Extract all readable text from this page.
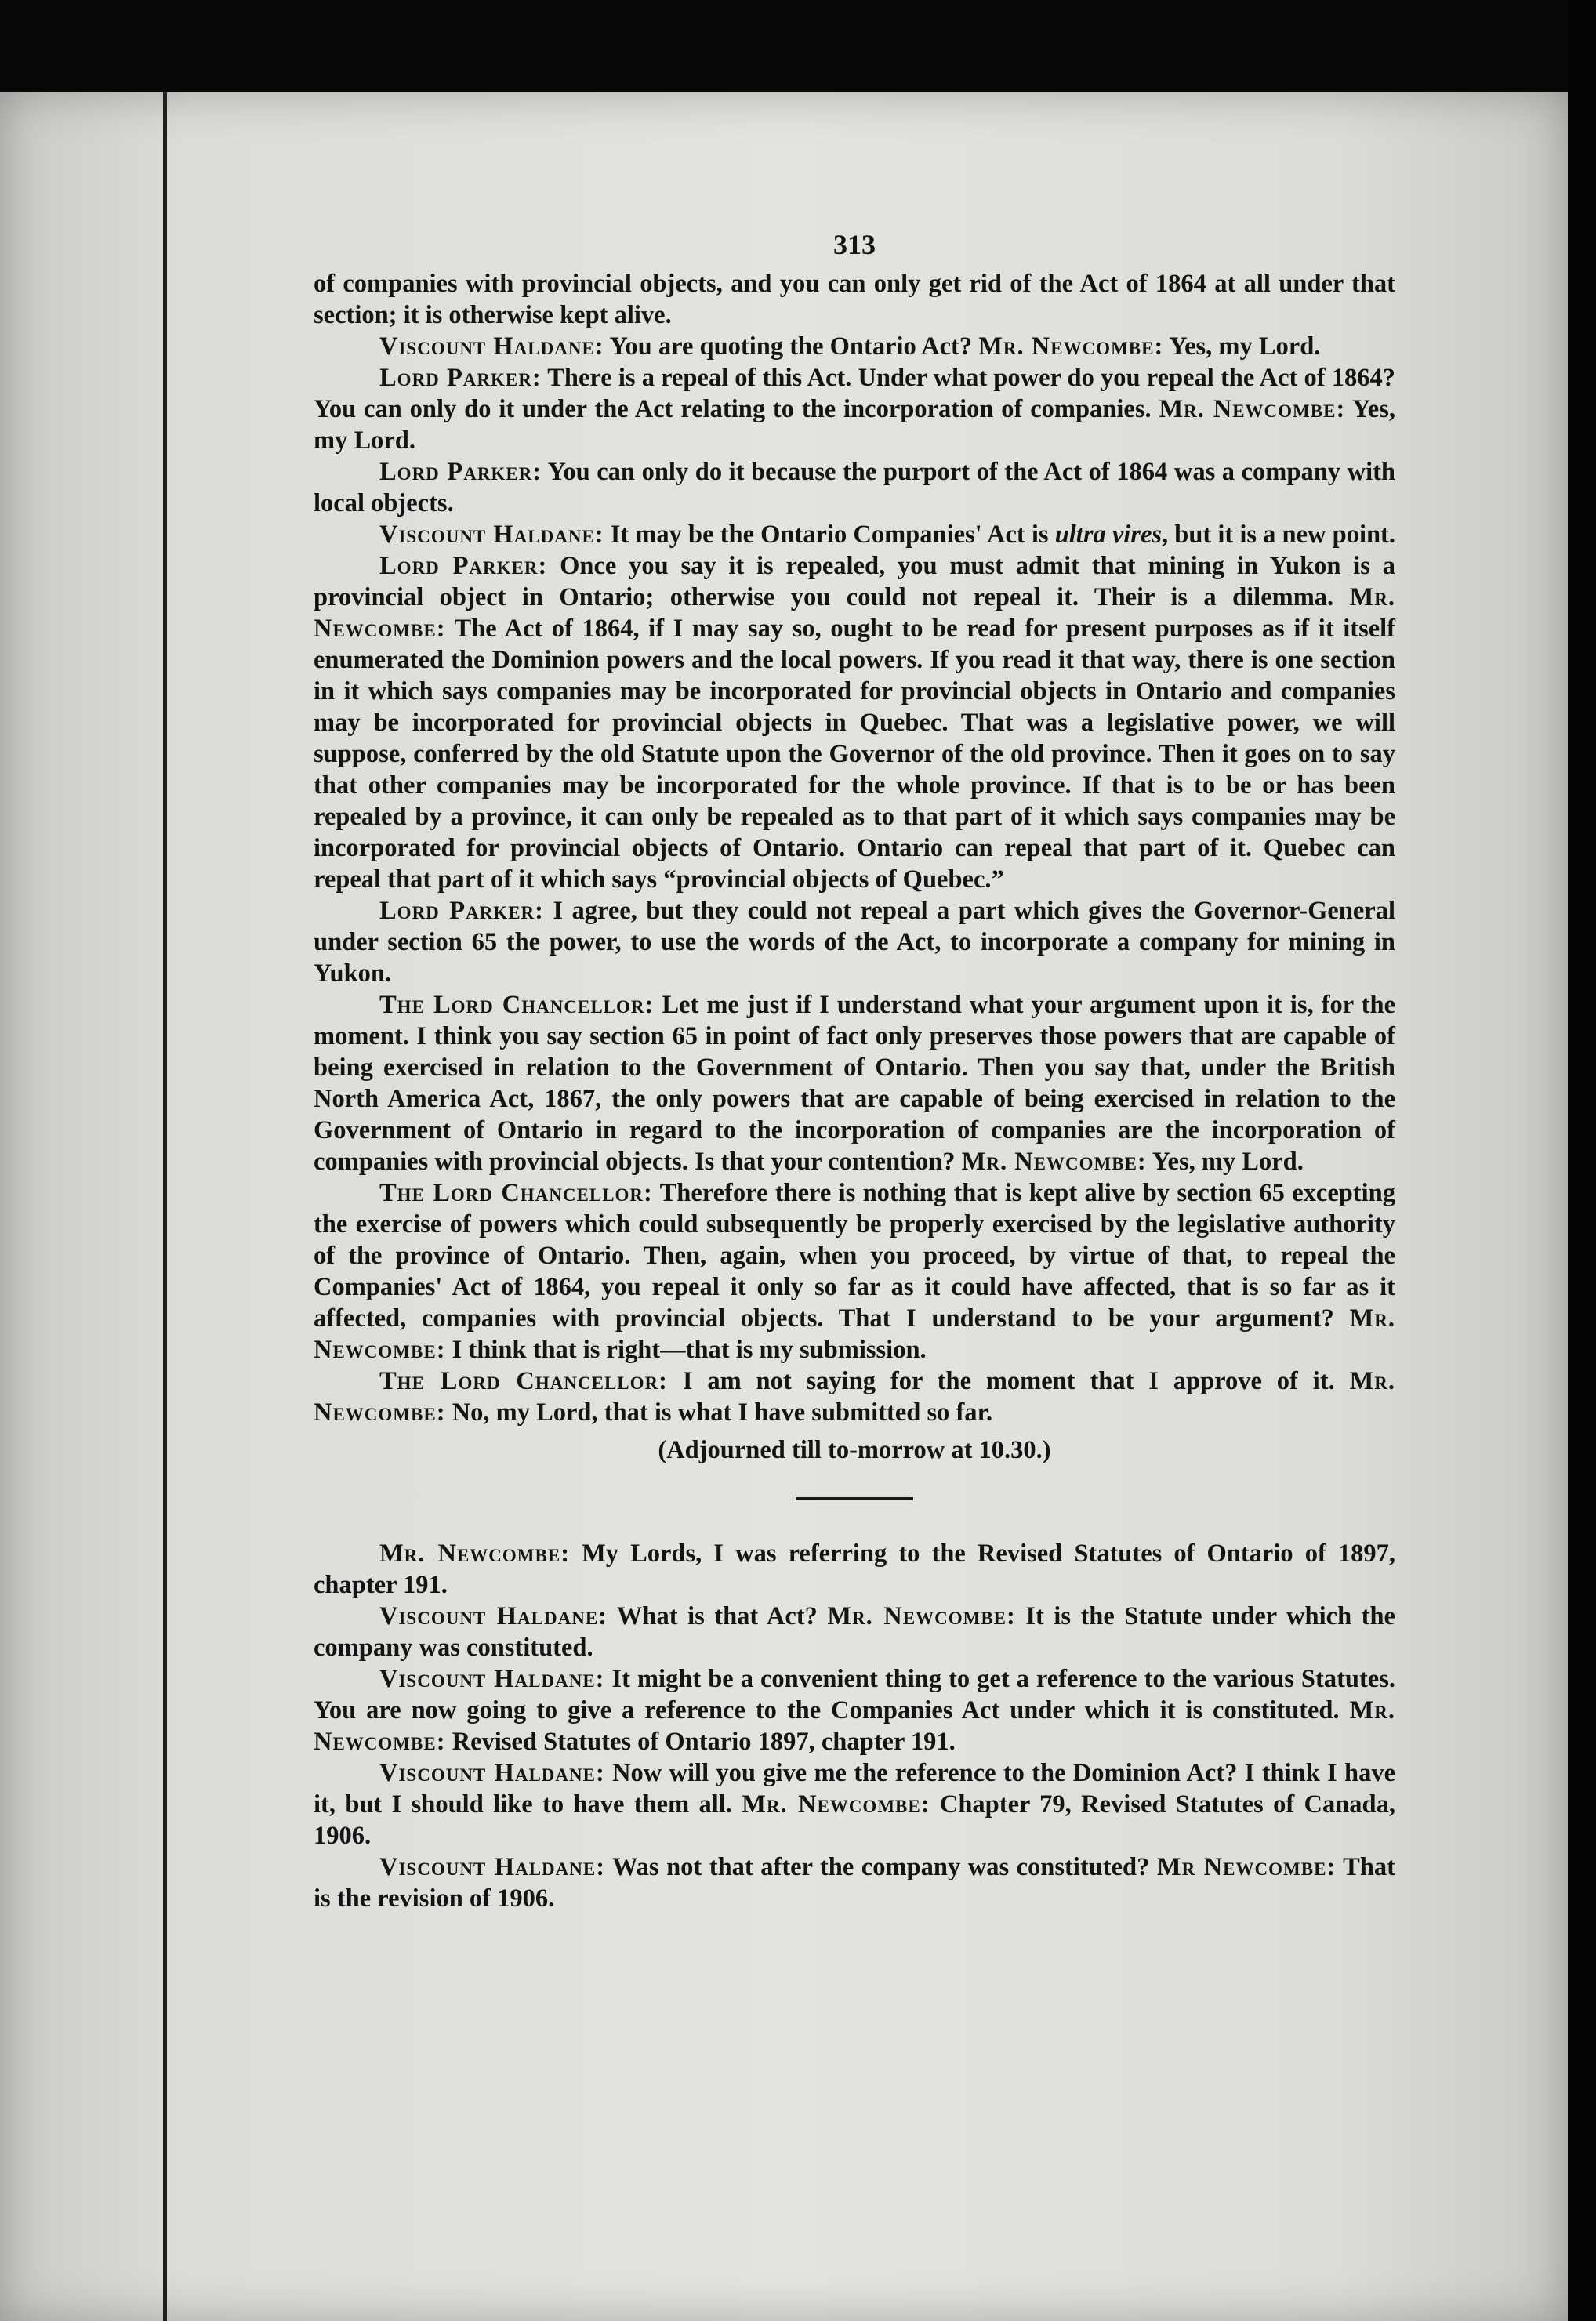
313

of companies with provincial objects, and you can only get rid of the Act of 1864 at all under that section; it is otherwise kept alive.

Viscount Haldane: You are quoting the Ontario Act? Mr. Newcombe: Yes, my Lord.

Lord Parker: There is a repeal of this Act. Under what power do you repeal the Act of 1864? You can only do it under the Act relating to the incorporation of companies. Mr. Newcombe: Yes, my Lord.

Lord Parker: You can only do it because the purport of the Act of 1864 was a company with local objects.

Viscount Haldane: It may be the Ontario Companies' Act is ultra vires, but it is a new point.

Lord Parker: Once you say it is repealed, you must admit that mining in Yukon is a provincial object in Ontario; otherwise you could not repeal it. Their is a dilemma. Mr. Newcombe: The Act of 1864, if I may say so, ought to be read for present purposes as if it itself enumerated the Dominion powers and the local powers. If you read it that way, there is one section in it which says companies may be incorporated for provincial objects in Ontario and companies may be incorporated for provincial objects in Quebec. That was a legislative power, we will suppose, conferred by the old Statute upon the Governor of the old province. Then it goes on to say that other companies may be incorporated for the whole province. If that is to be or has been repealed by a province, it can only be repealed as to that part of it which says companies may be incorporated for provincial objects of Ontario. Ontario can repeal that part of it. Quebec can repeal that part of it which says “provincial objects of Quebec.”

Lord Parker: I agree, but they could not repeal a part which gives the Governor-General under section 65 the power, to use the words of the Act, to incorporate a company for mining in Yukon.

The Lord Chancellor: Let me just if I understand what your argument upon it is, for the moment. I think you say section 65 in point of fact only preserves those powers that are capable of being exercised in relation to the Government of Ontario. Then you say that, under the British North America Act, 1867, the only powers that are capable of being exercised in relation to the Government of Ontario in regard to the incorporation of companies are the incorporation of companies with provincial objects. Is that your contention? Mr. Newcombe: Yes, my Lord.

The Lord Chancellor: Therefore there is nothing that is kept alive by section 65 excepting the exercise of powers which could subsequently be properly exercised by the legislative authority of the province of Ontario. Then, again, when you proceed, by virtue of that, to repeal the Companies' Act of 1864, you repeal it only so far as it could have affected, that is so far as it affected, companies with provincial objects. That I understand to be your argument? Mr. Newcombe: I think that is right—that is my submission.

The Lord Chancellor: I am not saying for the moment that I approve of it. Mr. Newcombe: No, my Lord, that is what I have submitted so far.

(Adjourned till to-morrow at 10.30.)

Mr. Newcombe: My Lords, I was referring to the Revised Statutes of Ontario of 1897, chapter 191.

Viscount Haldane: What is that Act? Mr. Newcombe: It is the Statute under which the company was constituted.

Viscount Haldane: It might be a convenient thing to get a reference to the various Statutes. You are now going to give a reference to the Companies Act under which it is constituted. Mr. Newcombe: Revised Statutes of Ontario 1897, chapter 191.

Viscount Haldane: Now will you give me the reference to the Dominion Act? I think I have it, but I should like to have them all. Mr. Newcombe: Chapter 79, Revised Statutes of Canada, 1906.

Viscount Haldane: Was not that after the company was constituted? Mr Newcombe: That is the revision of 1906.
